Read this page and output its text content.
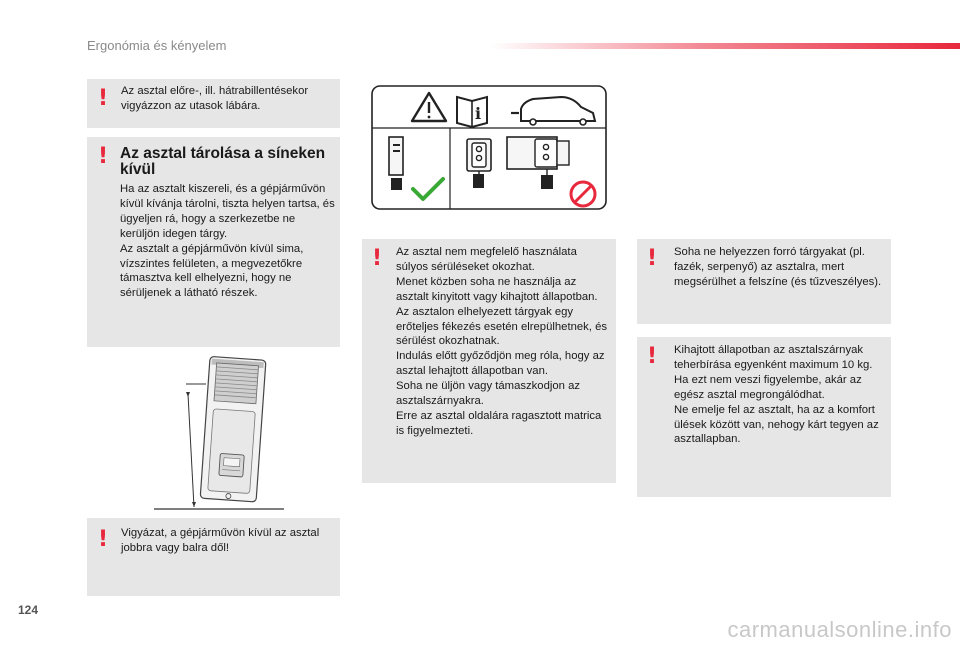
Ergonómia és kényelem
! Az asztal előre-, ill. hátrabillentésekor vigyázzon az utasok lábára.
! Az asztal tárolása a síneken kívül
Ha az asztalt kiszereli, és a gépjárművön kívül kívánja tárolni, tiszta helyen tartsa, és ügyeljen rá, hogy a szerkezetbe ne kerüljön idegen tárgy.
Az asztalt a gépjárművön kívül sima, vízszintes felületen, a megvezetőkre támasztva kell elhelyezni, hogy ne sérüljenek a látható részek.
! Vigyázat, a gépjárművön kívül az asztal jobbra vagy balra dől!
i
! Az asztal nem megfelelő használata súlyos sérüléseket okozhat.
Menet közben soha ne használja az asztalt kinyitott vagy kihajtott állapotban. Az asztalon elhelyezett tárgyak egy erőteljes fékezés esetén elrepülhetnek, és sérülést okozhatnak.
Indulás előtt győződjön meg róla, hogy az asztal lehajtott állapotban van.
Soha ne üljön vagy támaszkodjon az asztalszárnyakra.
Erre az asztal oldalára ragasztott matrica is figyelmezteti.
! Soha ne helyezzen forró tárgyakat (pl. fazék, serpenyő) az asztalra, mert megsérülhet a felszíne (és tűzveszélyes).
! Kihajtott állapotban az asztalszárnyak teherbírása egyenként maximum 10 kg.
Ha ezt nem veszi figyelembe, akár az egész asztal megrongálódhat.
Ne emelje fel az asztalt, ha az a komfort ülések között van, nehogy kárt tegyen az asztallapban.
124
carmanualsonline.info
